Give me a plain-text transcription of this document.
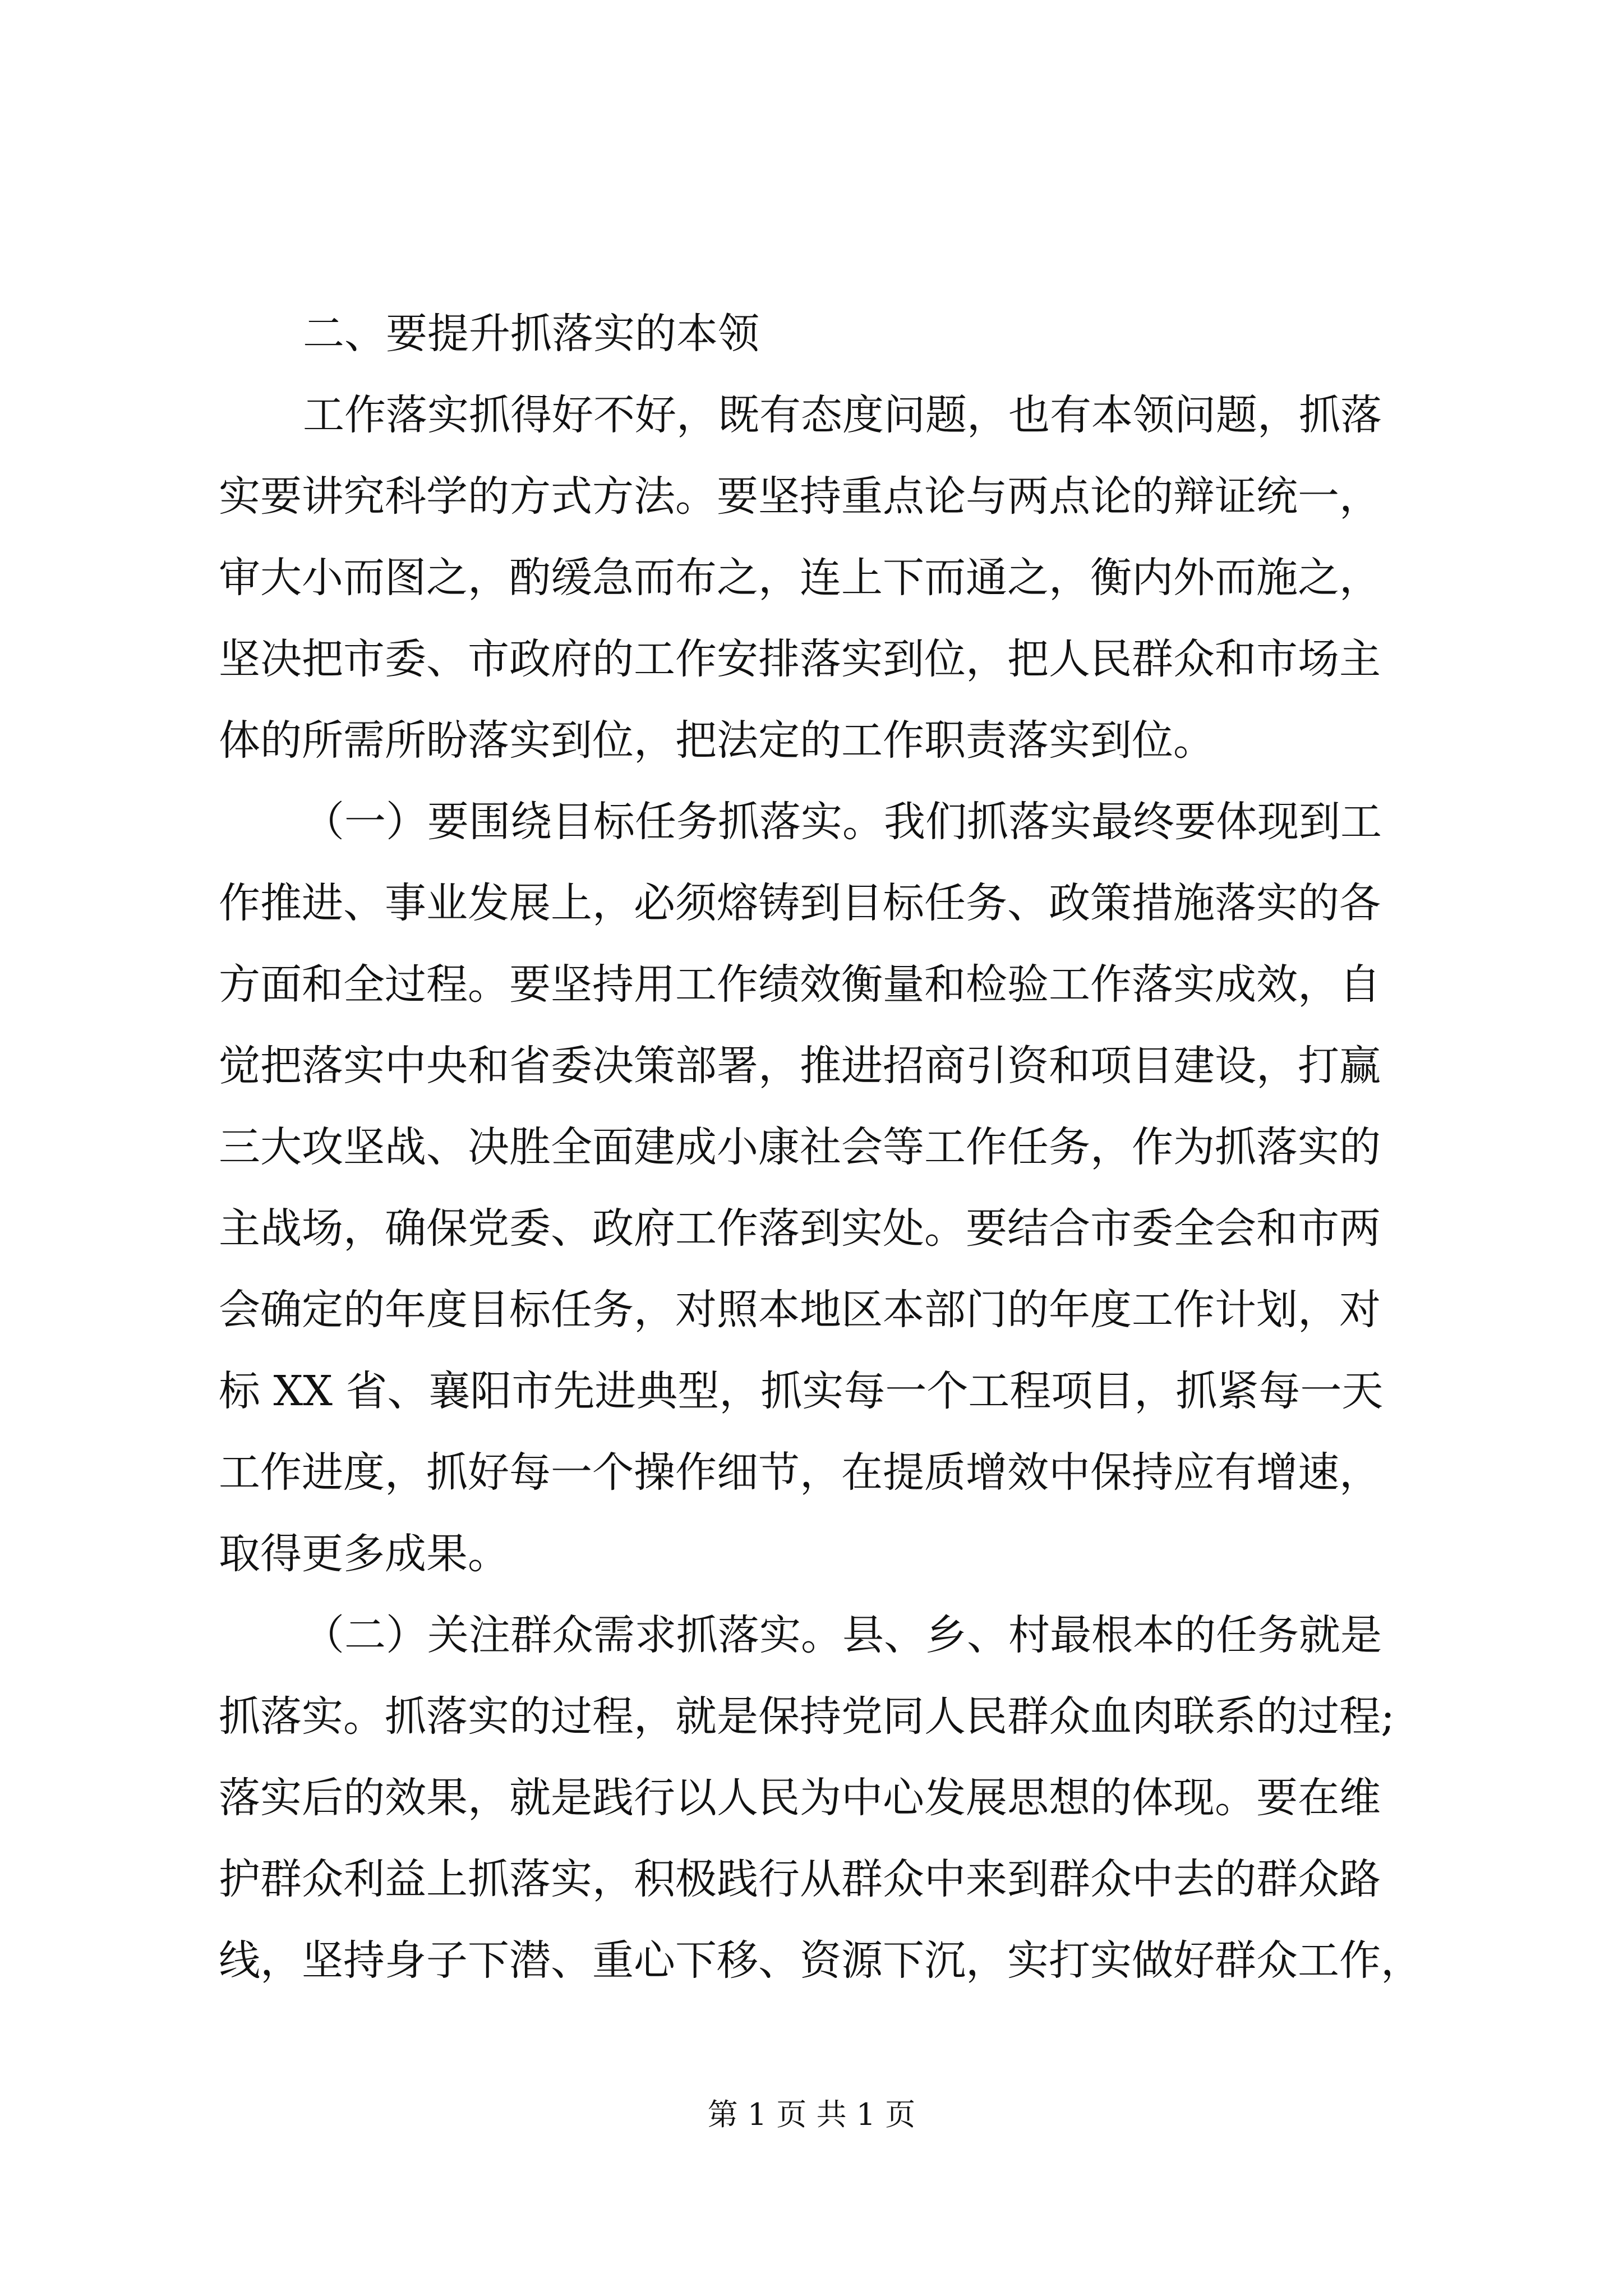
二、要提升抓落实的本领
工作落实抓得好不好，既有态度问题，也有本领问题，抓落
实要讲究科学的方式方法。要坚持重点论与两点论的辩证统一，
审大小而图之，酌缓急而布之，连上下而通之，衡内外而施之，
坚决把市委、市政府的工作安排落实到位，把人民群众和市场主
体的所需所盼落实到位，把法定的工作职责落实到位。
（一）要围绕目标任务抓落实。我们抓落实最终要体现到工
作推进、事业发展上，必须熔铸到目标任务、政策措施落实的各
方面和全过程。要坚持用工作绩效衡量和检验工作落实成效，自
觉把落实中央和省委决策部署，推进招商引资和项目建设，打赢
三大攻坚战、决胜全面建成小康社会等工作任务，作为抓落实的
主战场，确保党委、政府工作落到实处。要结合市委全会和市两
会确定的年度目标任务，对照本地区本部门的年度工作计划，对
标 XX 省、襄阳市先进典型，抓实每一个工程项目，抓紧每一天
工作进度，抓好每一个操作细节，在提质增效中保持应有增速，
取得更多成果。
（二）关注群众需求抓落实。县、乡、村最根本的任务就是
抓落实。抓落实的过程，就是保持党同人民群众血肉联系的过程;
落实后的效果，就是践行以人民为中心发展思想的体现。要在维
护群众利益上抓落实，积极践行从群众中来到群众中去的群众路
线，坚持身子下潜、重心下移、资源下沉，实打实做好群众工作，
第 1 页 共 1 页
